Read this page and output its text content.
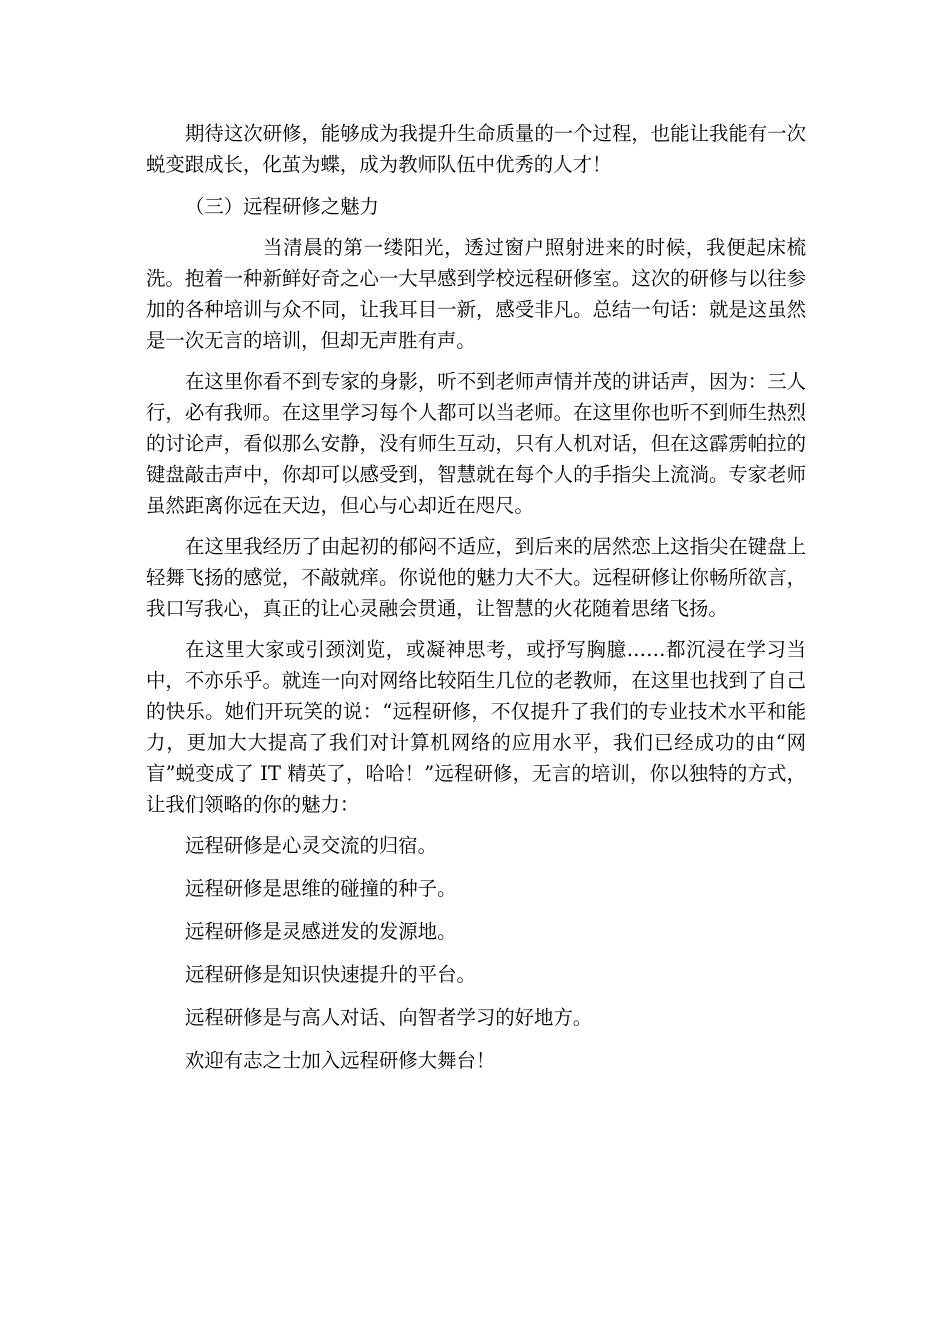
期待这次研修，能够成为我提升生命质量的一个过程，也能让我能有一次蜕变跟成长，化茧为蝶，成为教师队伍中优秀的人才！

（三）远程研修之魅力

当清晨的第一缕阳光，透过窗户照射进来的时候，我便起床梳洗。抱着一种新鲜好奇之心一大早感到学校远程研修室。这次的研修与以往参加的各种培训与众不同，让我耳目一新，感受非凡。总结一句话：就是这虽然是一次无言的培训，但却无声胜有声。

在这里你看不到专家的身影，听不到老师声情并茂的讲话声，因为：三人行，必有我师。在这里学习每个人都可以当老师。在这里你也听不到师生热烈的讨论声，看似那么安静，没有师生互动，只有人机对话，但在这霹雳帕拉的键盘敲击声中，你却可以感受到，智慧就在每个人的手指尖上流淌。专家老师虽然距离你远在天边，但心与心却近在咫尺。

在这里我经历了由起初的郁闷不适应，到后来的居然恋上这指尖在键盘上轻舞飞扬的感觉，不敲就痒。你说他的魅力大不大。远程研修让你畅所欲言，我口写我心，真正的让心灵融会贯通，让智慧的火花随着思绪飞扬。

在这里大家或引颈浏览，或凝神思考，或抒写胸臆……都沉浸在学习当中，不亦乐乎。就连一向对网络比较陌生几位的老教师，在这里也找到了自己的快乐。她们开玩笑的说：“远程研修，不仅提升了我们的专业技术水平和能力，更加大大提高了我们对计算机网络的应用水平，我们已经成功的由“网盲”蜕变成了 IT 精英了，哈哈！”远程研修，无言的培训，你以独特的方式，让我们领略的你的魅力：

远程研修是心灵交流的归宿。
远程研修是思维的碰撞的种子。
远程研修是灵感迸发的发源地。
远程研修是知识快速提升的平台。
远程研修是与高人对话、向智者学习的好地方。
欢迎有志之士加入远程研修大舞台！
